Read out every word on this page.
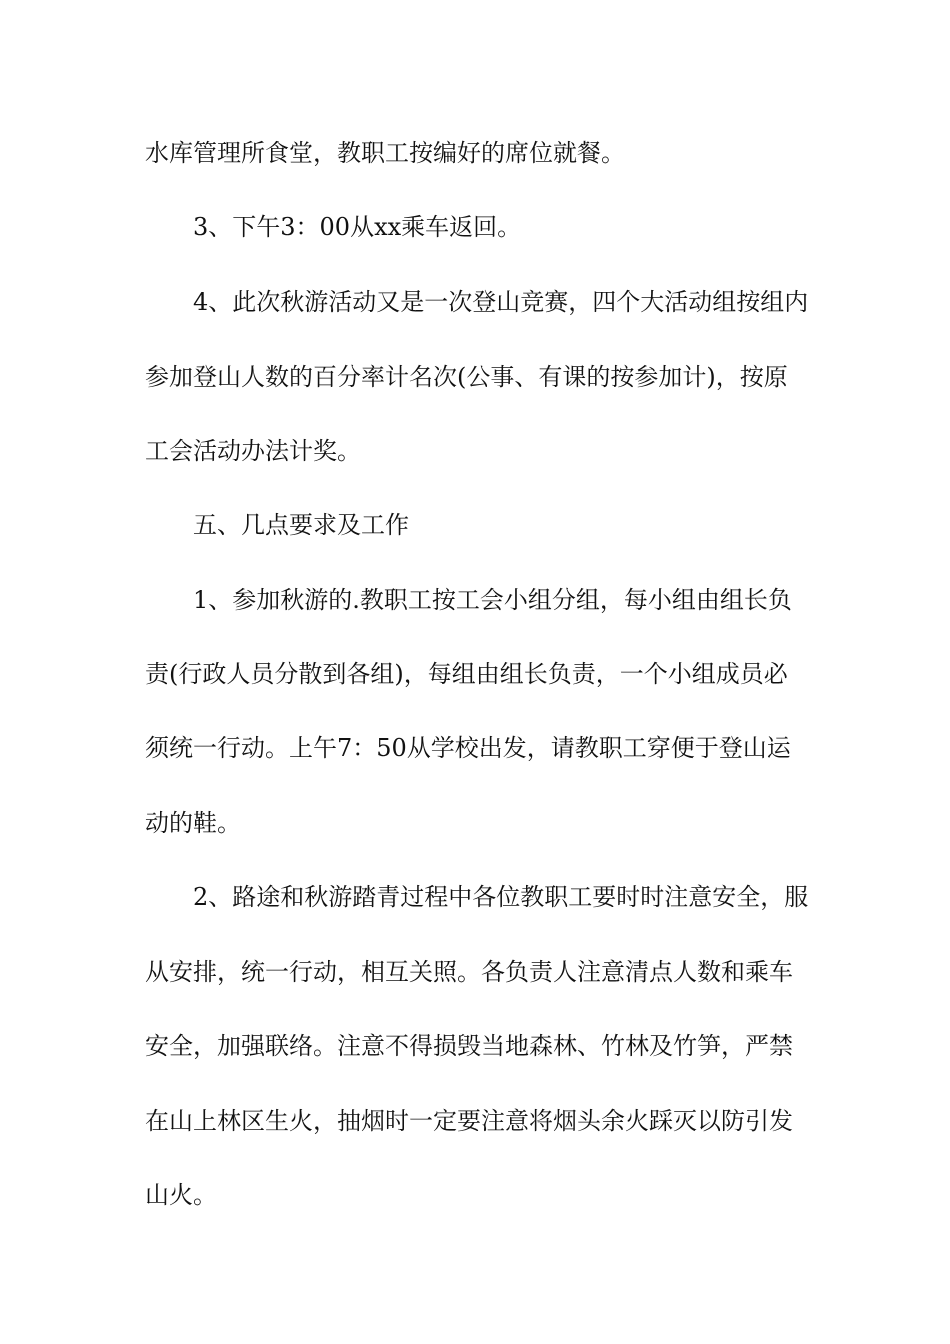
水库管理所食堂，教职工按编好的席位就餐。
3、下午3：00从xx乘车返回。
4、此次秋游活动又是一次登山竞赛，四个大活动组按组内
参加登山人数的百分率计名次(公事、有课的按参加计)，按原
工会活动办法计奖。
五、几点要求及工作
1、参加秋游的.教职工按工会小组分组，每小组由组长负
责(行政人员分散到各组)，每组由组长负责，一个小组成员必
须统一行动。上午7：50从学校出发，请教职工穿便于登山运
动的鞋。
2、路途和秋游踏青过程中各位教职工要时时注意安全，服
从安排，统一行动，相互关照。各负责人注意清点人数和乘车
安全，加强联络。注意不得损毁当地森林、竹林及竹笋，严禁
在山上林区生火，抽烟时一定要注意将烟头余火踩灭以防引发
山火。
